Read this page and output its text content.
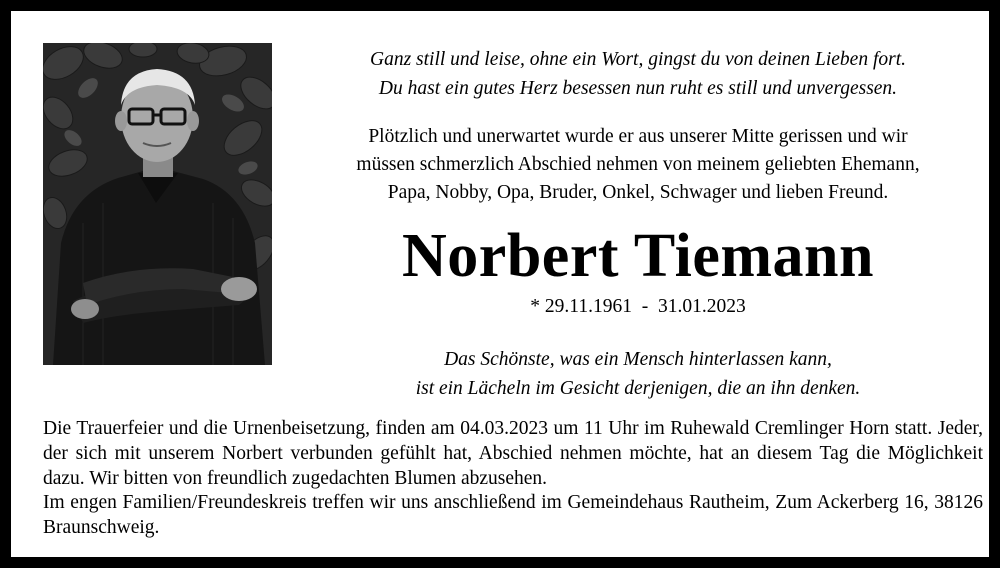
Ganz still und leise, ohne ein Wort, gingst du von deinen Lieben fort.

Du hast ein gutes Herz besessen nun ruht es still und unvergessen.

Plötzlich und unerwartet wurde er aus unserer Mitte gerissen und wir

müssen schmerzlich Abschied nehmen von meinem geliebten Ehemann,

Papa, Nobby, Opa, Bruder, Onkel, Schwager und lieben Freund.

Norbert Tiemann
* 29.11.1961  -  31.01.2023

Das Schönste, was ein Mensch hinterlassen kann,

ist ein Lächeln im Gesicht derjenigen, die an ihn denken.

Die Trauerfeier und die Urnenbeisetzung, finden am 04.03.2023 um 11 Uhr im Ruhewald Cremlinger Horn statt. Jeder, der sich mit unserem Norbert verbunden gefühlt hat, Abschied nehmen möchte, hat an diesem Tag die Möglichkeit dazu. Wir bitten von freundlich zugedachten Blumen abzusehen.

Im engen Familien/Freundeskreis treffen wir uns anschließend im Gemeindehaus Rautheim, Zum Ackerberg 16, 38126 Braunschweig.
